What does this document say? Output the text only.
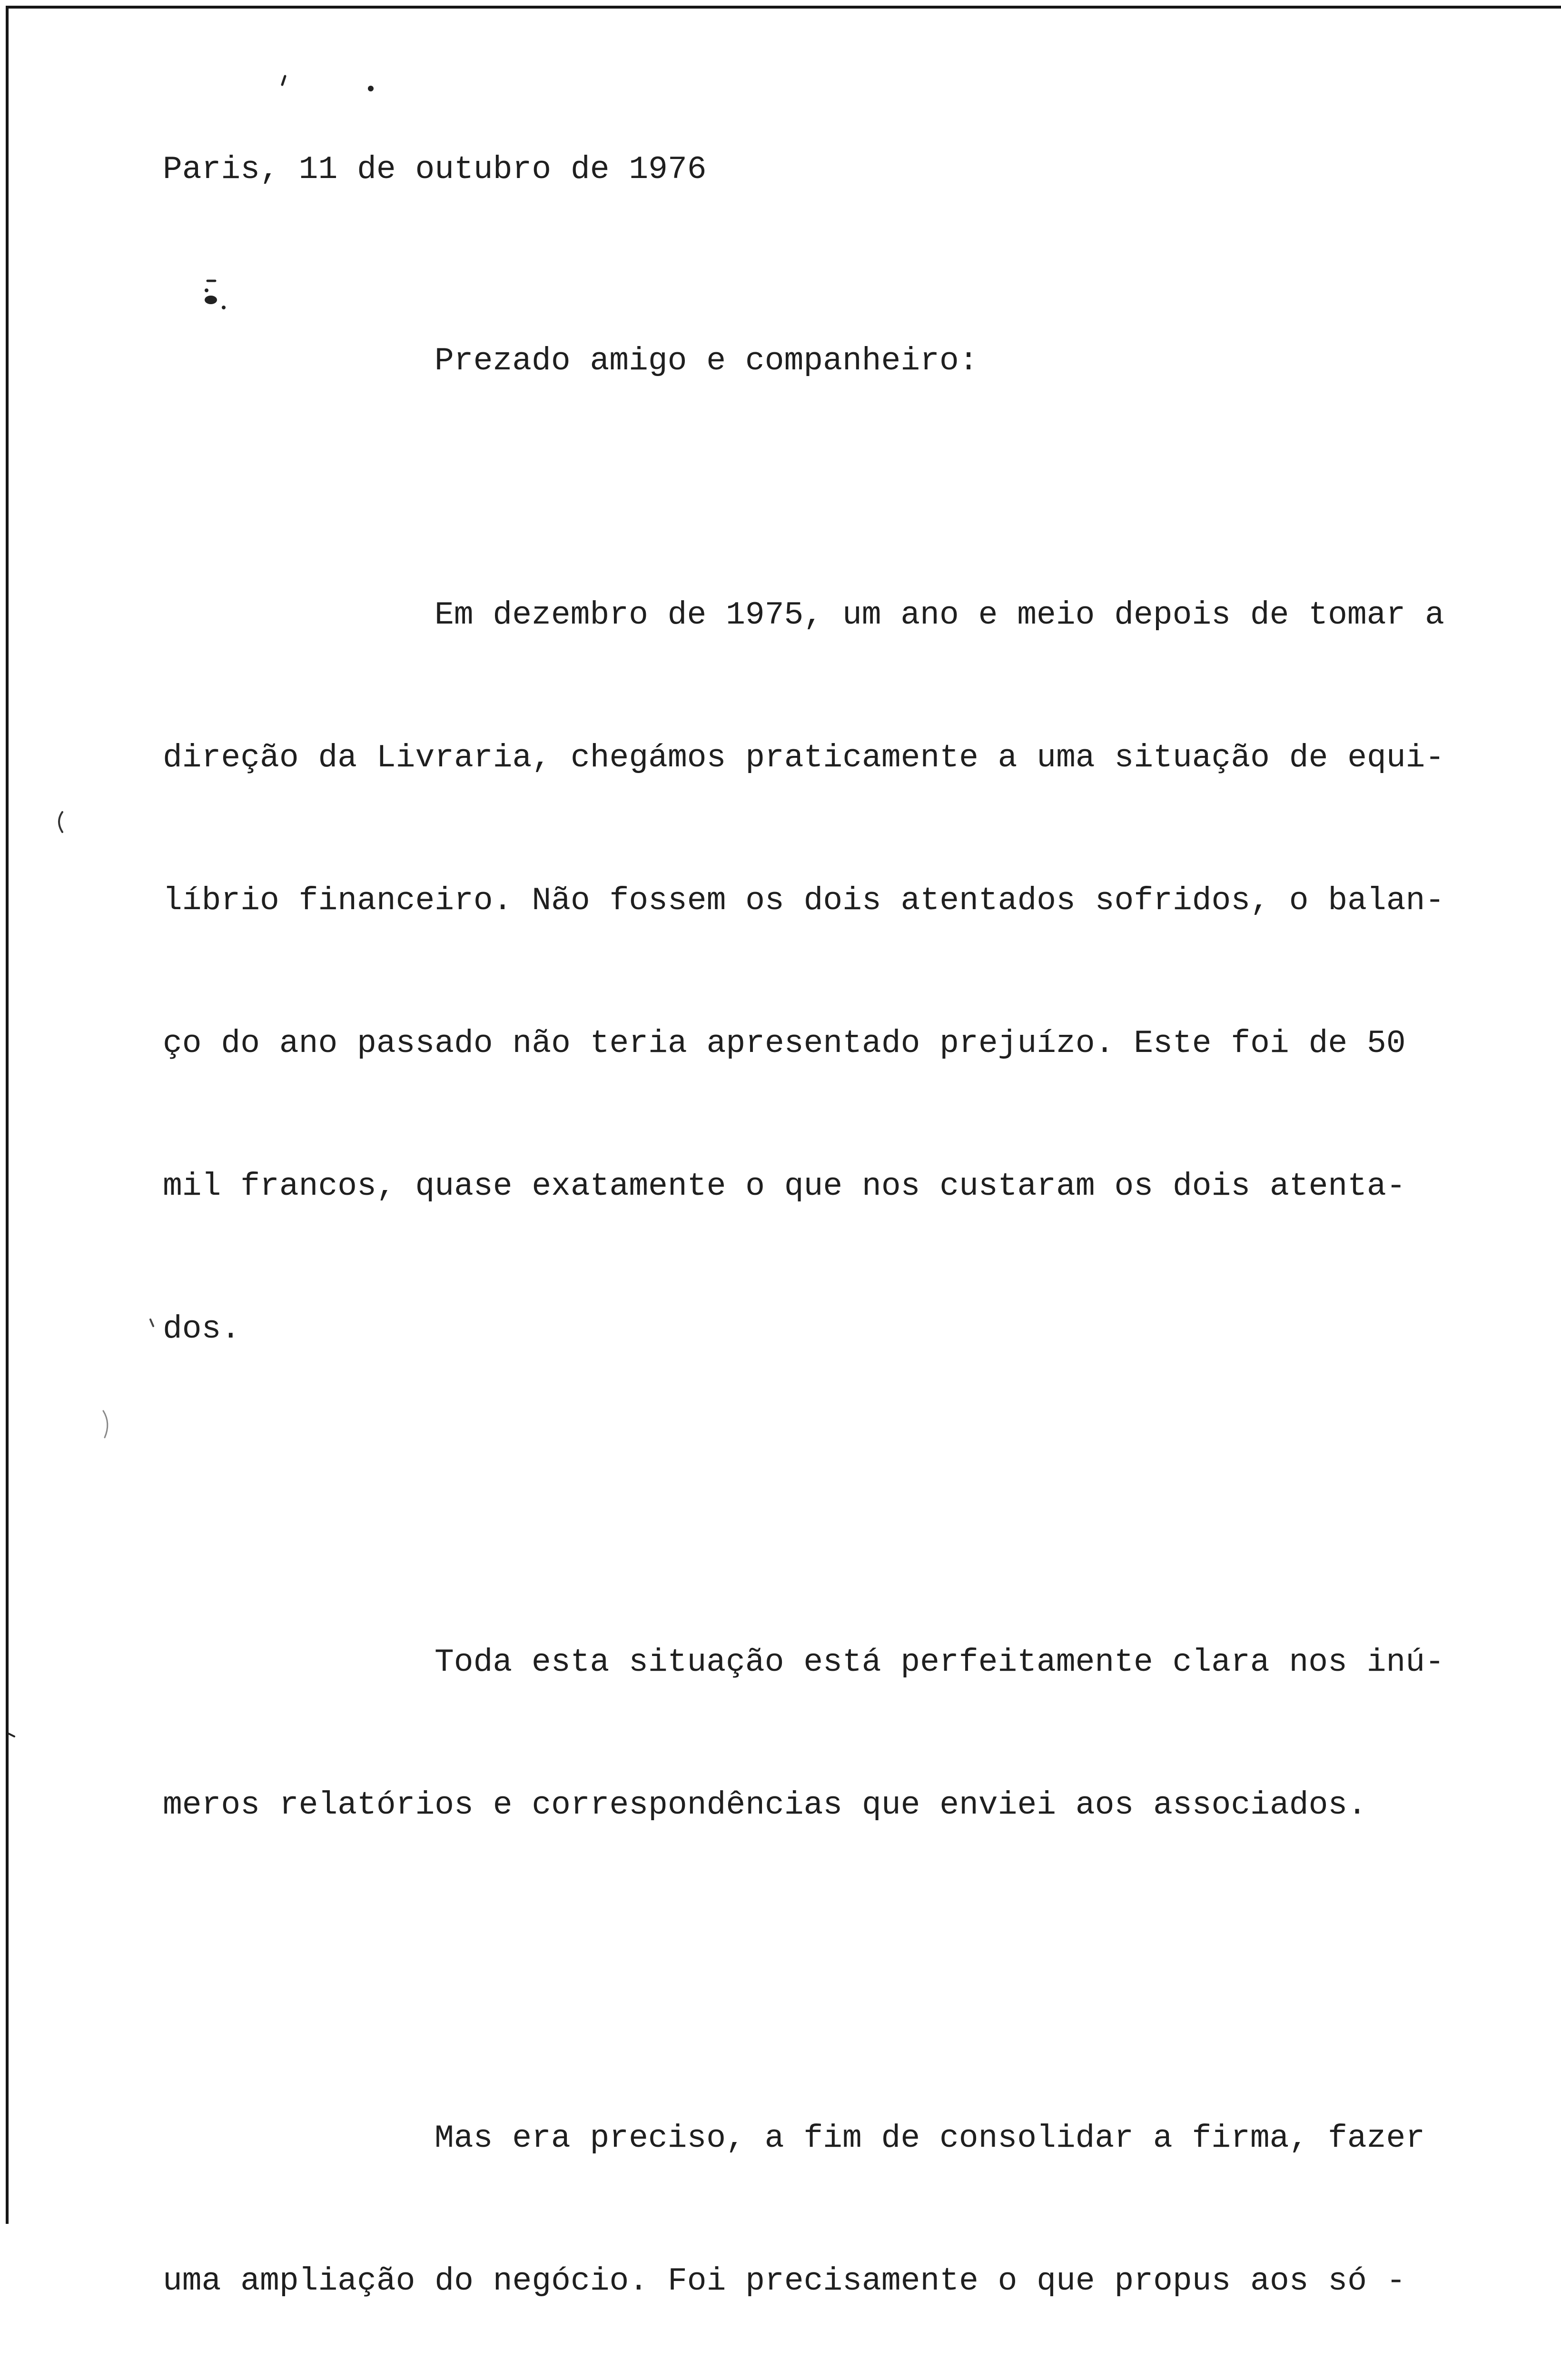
Paris, 11 de outubro de 1976
Prezado amigo e companheiro:

Em dezembro de 1975, um ano e meio depois de tomar a

direção da Livraria, chegámos praticamente a uma situação de equi-

líbrio financeiro. Não fossem os dois atentados sofridos, o balan-

ço do ano passado não teria apresentado prejuízo. Este foi de 50

mil francos, quase exatamente o que nos custaram os dois atenta-

dos.

Toda esta situação está perfeitamente clara nos inú-

meros relatórios e correspondências que enviei aos associados.

Mas era preciso, a fim de consolidar a firma, fazer

uma ampliação do negócio. Foi precisamente o que propus aos só -
